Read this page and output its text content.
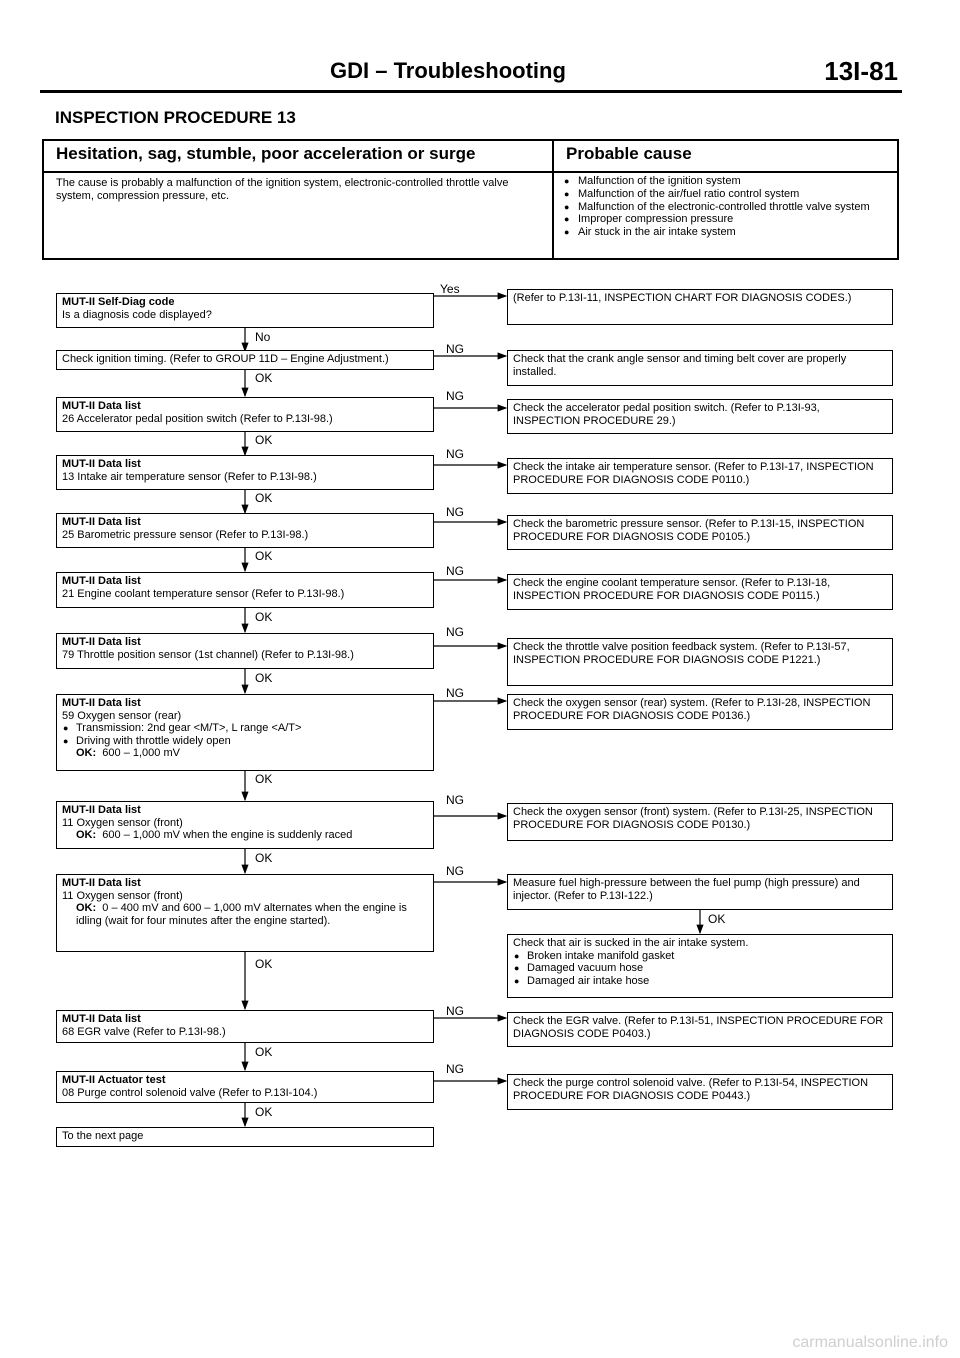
GDI – Troubleshooting	13I-81
INSPECTION PROCEDURE 13
Hesitation, sag, stumble, poor acceleration or surge	Probable cause
The cause is probably a malfunction of the ignition system, electronic-controlled throttle valve system, compression pressure, etc.
● Malfunction of the ignition system
● Malfunction of the air/fuel ratio control system
● Malfunction of the electronic-controlled throttle valve system
● Improper compression pressure
● Air stuck in the air intake system
Yes
No
NG
OK
NG
OK
NG
OK
NG
OK
NG
OK
NG
OK
NG
OK
NG
OK
NG
OK
OK
NG
OK
NG
OK
MUT-II Self-Diag code
Is a diagnosis code displayed?
Check ignition timing. (Refer to GROUP 11D – Engine Adjustment.)
MUT-II Data list
26 Accelerator pedal position switch (Refer to P.13I-98.)
MUT-II Data list
13 Intake air temperature sensor (Refer to P.13I-98.)
MUT-II Data list
25 Barometric pressure sensor (Refer to P.13I-98.)
MUT-II Data list
21 Engine coolant temperature sensor (Refer to P.13I-98.)
MUT-II Data list
79 Throttle position sensor (1st channel) (Refer to P.13I-98.)
MUT-II Data list
59 Oxygen sensor (rear)
● Transmission: 2nd gear <M/T>, L range <A/T>
● Driving with throttle widely open
OK: 600 – 1,000 mV
MUT-II Data list
11 Oxygen sensor (front)
OK: 600 – 1,000 mV when the engine is suddenly raced
MUT-II Data list
11 Oxygen sensor (front)
OK: 0 – 400 mV and 600 – 1,000 mV alternates when the engine is idling (wait for four minutes after the engine started).
MUT-II Data list
68 EGR valve (Refer to P.13I-98.)
MUT-II Actuator test
08 Purge control solenoid valve (Refer to P.13I-104.)
To the next page
(Refer to P.13I-11, INSPECTION CHART FOR DIAGNOSIS CODES.)
Check that the crank angle sensor and timing belt cover are properly installed.
Check the accelerator pedal position switch. (Refer to P.13I-93, INSPECTION PROCEDURE 29.)
Check the intake air temperature sensor. (Refer to P.13I-17, INSPECTION PROCEDURE FOR DIAGNOSIS CODE P0110.)
Check the barometric pressure sensor. (Refer to P.13I-15, INSPECTION PROCEDURE FOR DIAGNOSIS CODE P0105.)
Check the engine coolant temperature sensor. (Refer to P.13I-18, INSPECTION PROCEDURE FOR DIAGNOSIS CODE P0115.)
Check the throttle valve position feedback system. (Refer to P.13I-57, INSPECTION PROCEDURE FOR DIAGNOSIS CODE P1221.)
Check the oxygen sensor (rear) system. (Refer to P.13I-28, INSPECTION PROCEDURE FOR DIAGNOSIS CODE P0136.)
Check the oxygen sensor (front) system. (Refer to P.13I-25, INSPECTION PROCEDURE FOR DIAGNOSIS CODE P0130.)
Measure fuel high-pressure between the fuel pump (high pressure) and injector. (Refer to P.13I-122.)
Check that air is sucked in the air intake system.
● Broken intake manifold gasket
● Damaged vacuum hose
● Damaged air intake hose
Check the EGR valve. (Refer to P.13I-51, INSPECTION PROCEDURE FOR DIAGNOSIS CODE P0403.)
Check the purge control solenoid valve. (Refer to P.13I-54, INSPECTION PROCEDURE FOR DIAGNOSIS CODE P0443.)
carmanualsonline.info
